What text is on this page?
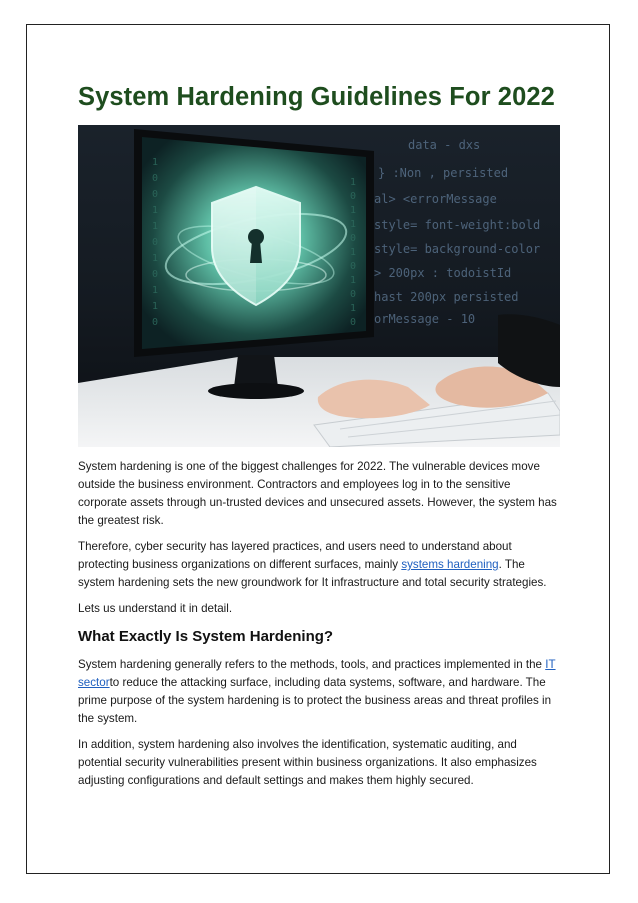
System Hardening Guidelines For 2022
data - dxs
} :Non , persisted
al> <errorMessage
style= font-weight:bold
style= background-color
> 200px : todoistId
hast 200px persisted
orMessage - 10
1
0
0
1
1
0
1
0
1
1
0
1
0
1
1
0
1
0
1
0
1
0

System hardening is one of the biggest challenges for 2022. The vulnerable devices move outside the business environment. Contractors and employees log in to the sensitive corporate assets through un-trusted devices and unsecured assets. However, the system has the greatest risk.

Therefore, cyber security has layered practices, and users need to understand about protecting business organizations on different surfaces, mainly systems hardening. The system hardening sets the new groundwork for It infrastructure and total security strategies.

Lets us understand it in detail.

What Exactly Is System Hardening?

System hardening generally refers to the methods, tools, and practices implemented in the IT sectorto reduce the attacking surface, including data systems, software, and hardware. The prime purpose of the system hardening is to protect the business areas and threat profiles in the system.

In addition, system hardening also involves the identification, systematic auditing, and potential security vulnerabilities present within business organizations. It also emphasizes adjusting configurations and default settings and makes them highly secured.
